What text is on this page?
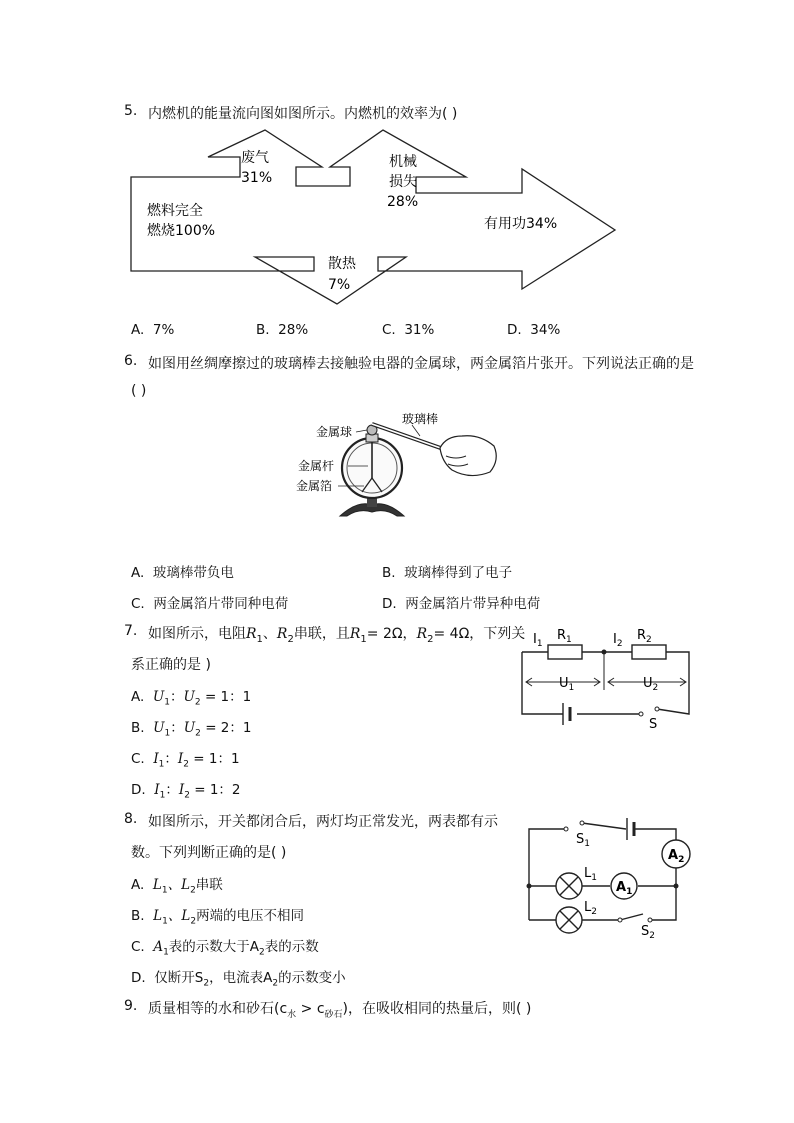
5. 内燃机的能量流向图如图所示。内燃机的效率为( )
废气
31%
机械
损失
28%
燃料完全
燃烧100%	有用功34%
散热
7%
A. 7%	B. 28%	C. 31%	D. 34%
6. 如图用丝绸摩擦过的玻璃棒去接触验电器的金属球，两金属箔片张开。下列说法正确的是
( )
玻璃棒
金属球
金属杆
金属箔
A. 玻璃棒带负电	B. 玻璃棒得到了电子
C. 两金属箔片带同种电荷	D. 两金属箔片带异种电荷
7. 如图所示，电阻$R_1$、$R_2$串联，且$R_1= 2\Omega$，$R_2= 4\Omega$，下列关
系正确的是 )
A. $U_1$：$U_2 = 1$：1
B. $U_1$：$U_2 = 2$：1
C. $I_1$：$I_2 = 1$：1
D. $I_1$：$I_2 = 1$：2
$I_1$
$R_1$	$I_2$
$R_2$
$U_1$	$U_2$
S
8. 如图所示，开关都闭合后，两灯均正常发光，两表都有示
数。下列判断正确的是( )
A. $L_1$、$L_2$串联
B. $L_1$、$L_2$两端的电压不相同
C. $A_1$表的示数大于$A_2$表的示数
D. 仅断开$S_2$，电流表$A_2$的示数变小
$S_1$
$A_2$
$L_1$
$A_1$
$L_2$
$S_2$
9. 质量相等的水和砂石$(c_水 > c_{砂石})$，在吸收相同的热量后，则( )
